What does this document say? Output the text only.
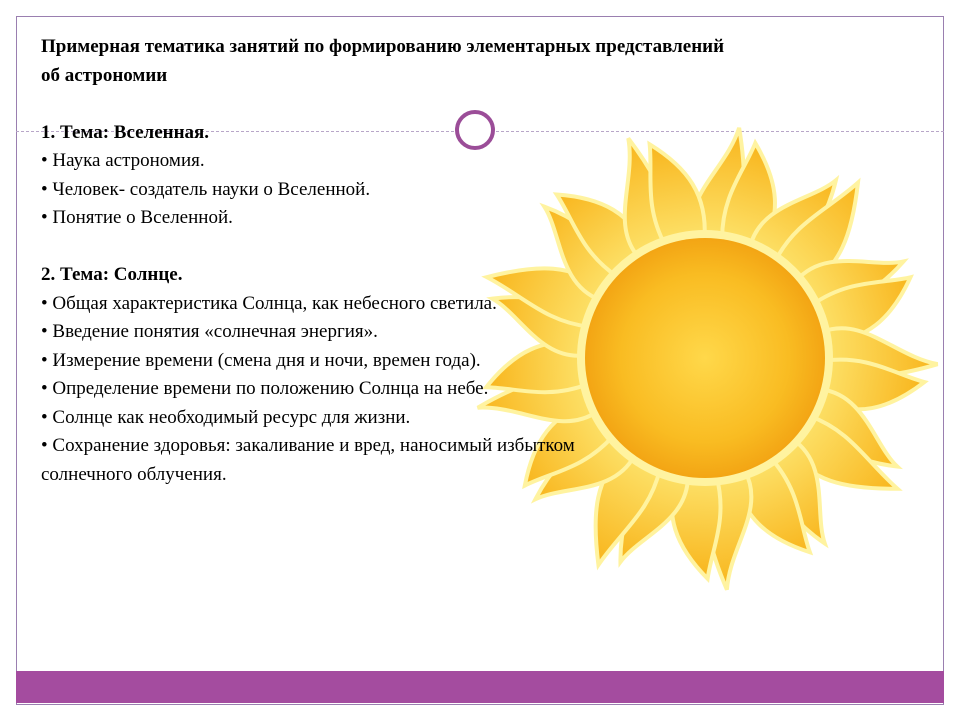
Примерная тематика занятий по формированию элементарных представлений

об астрономии

1. Тема: Вселенная.

• Наука астрономия.

• Человек- создатель науки о Вселенной.

• Понятие о Вселенной.

2. Тема: Солнце.

• Общая характеристика Солнца, как небесного светила.

• Введение понятия «солнечная энергия».

• Измерение времени (смена дня и ночи, времен года).

• Определение времени по положению Солнца на небе.

• Солнце как необходимый ресурс для жизни.

• Сохранение здоровья: закаливание и вред, наносимый избытком

солнечного облучения.
